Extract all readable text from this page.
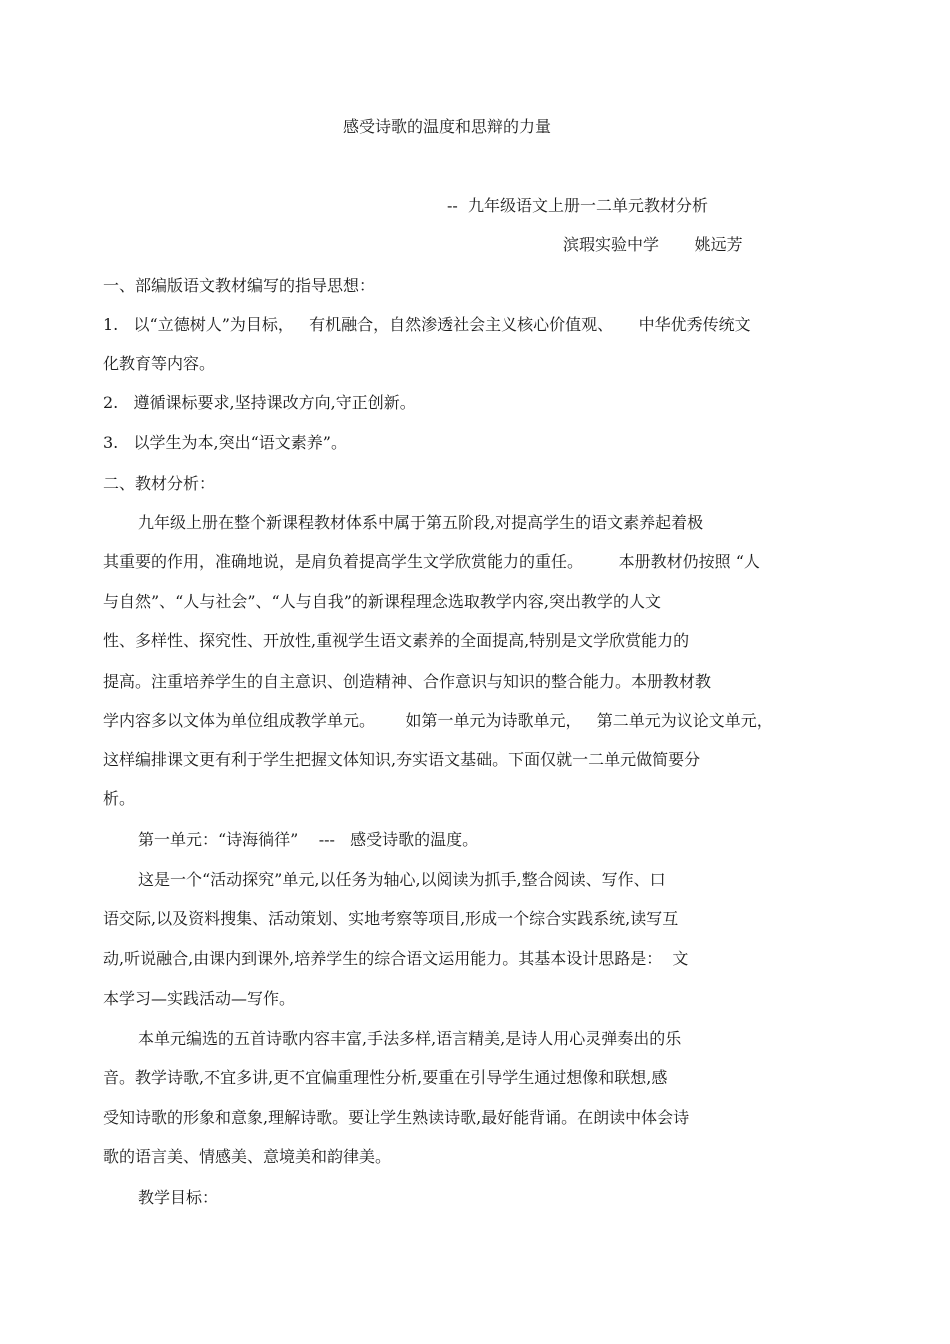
感受诗歌的温度和思辩的力量
--  九年级语文上册一二单元教材分析
滨瑕实验中学       姚远芳
一、部编版语文教材编写的指导思想：
1.   以“立德树人”为目标，   有机融合，自然渗透社会主义核心价值观、     中华优秀传统文
化教育等内容。
2.   遵循课标要求,坚持课改方向,守正创新。
3.   以学生为本,突出“语文素养”。
二、教材分析：
九年级上册在整个新课程教材体系中属于第五阶段,对提高学生的语文素养起着极
其重要的作用，准确地说，是肩负着提高学生文学欣赏能力的重任。       本册教材仍按照 “人
与自然”、“人与社会”、“人与自我”的新课程理念选取教学内容,突出教学的人文
性、多样性、探究性、开放性,重视学生语文素养的全面提高,特别是文学欣赏能力的
提高。注重培养学生的自主意识、创造精神、合作意识与知识的整合能力。本册教材教
学内容多以文体为单位组成教学单元。      如第一单元为诗歌单元，   第二单元为议论文单元，
这样编排课文更有利于学生把握文体知识,夯实语文基础。下面仅就一二单元做简要分
析。
第一单元：“诗海徜徉”    ---   感受诗歌的温度。
这是一个“活动探究”单元,以任务为轴心,以阅读为抓手,整合阅读、写作、口
语交际,以及资料搜集、活动策划、实地考察等项目,形成一个综合实践系统,读写互
动,听说融合,由课内到课外,培养学生的综合语文运用能力。其基本设计思路是：  文
本学习—实践活动—写作。
本单元编选的五首诗歌内容丰富,手法多样,语言精美,是诗人用心灵弹奏出的乐
音。教学诗歌,不宜多讲,更不宜偏重理性分析,要重在引导学生通过想像和联想,感
受知诗歌的形象和意象,理解诗歌。要让学生熟读诗歌,最好能背诵。在朗读中体会诗
歌的语言美、情感美、意境美和韵律美。
教学目标：
